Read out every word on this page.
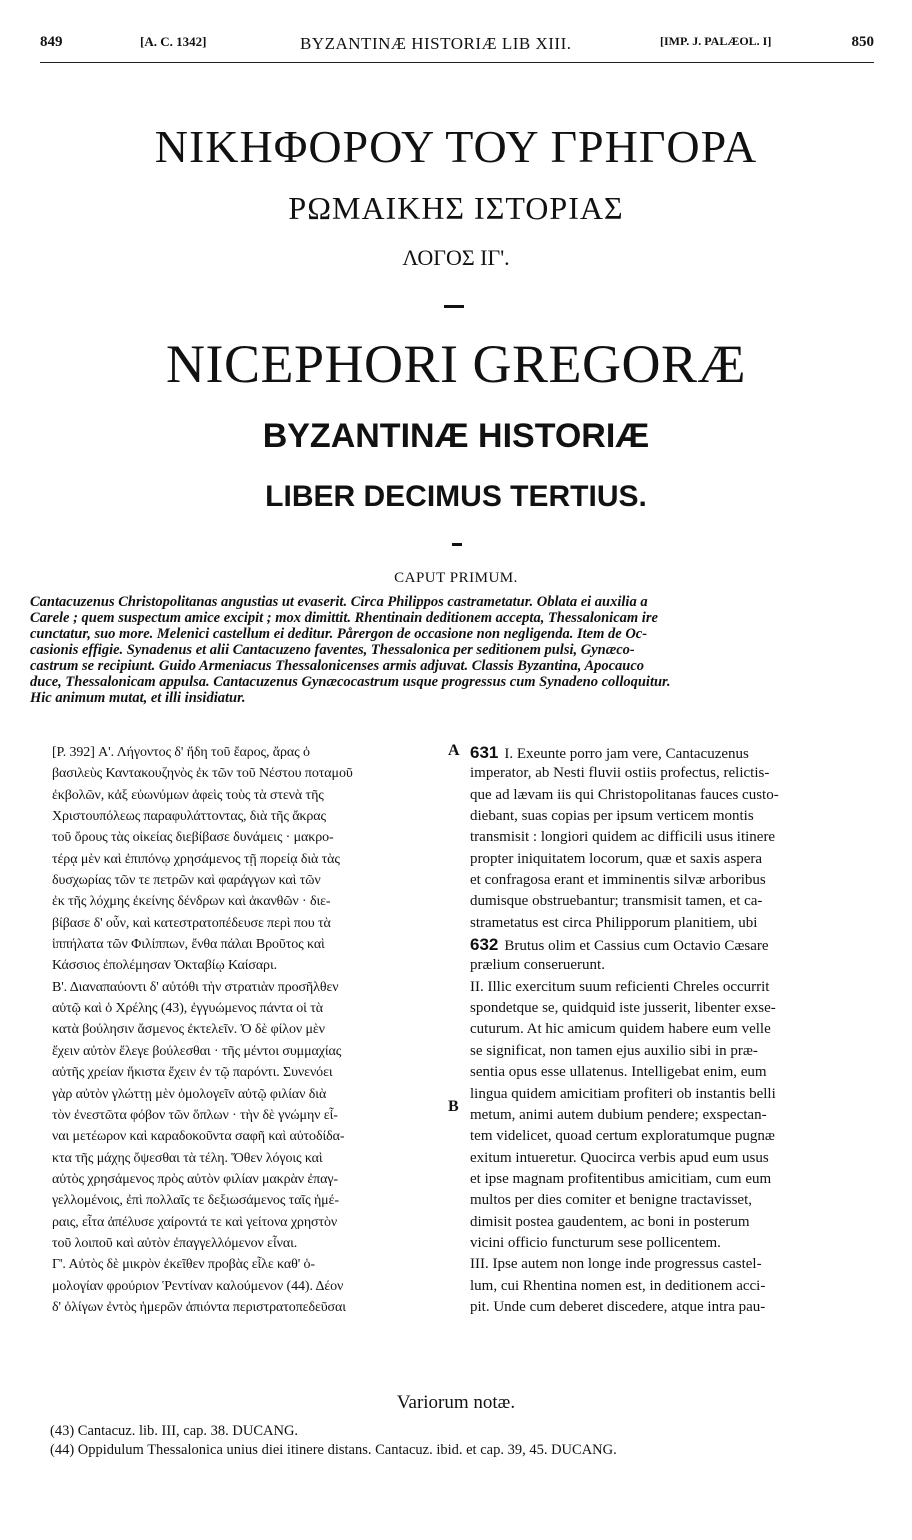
849	[A. C. 1342]	BYZANTINÆ HISTORIÆ LIB XIII.	[IMP. J. PALÆOL. I]	850
ΝΙΚΗΦΟΡΟΥ ΤΟΥ ΓΡΗΓΟΡΑ
ΡΩΜΑΙΚΗΣ ΙΣΤΟΡΙΑΣ
ΛΟΓΟΣ ΙΓ'.
NICEPHORI GREGORÆ
BYZANTINÆ HISTORIÆ
LIBER DECIMUS TERTIUS.
CAPUT PRIMUM.
Cantacuzenus Christopolitanas angustias ut evaserit. Circa Philippos castrametatur. Oblata ei auxilia a
Carele ; quem suspectum amice excipit ; mox dimittit. Rhentinain deditionem accepta, Thessalonicam ire
cunctatur, suo more. Melenici castellum ei deditur. Pårergon de occasione non negligenda. Item de Oc-
casionis effigie. Synadenus et alii Cantacuzeno faventes, Thessalonica per seditionem pulsi, Gynæco-
castrum se recipiunt. Guido Armeniacus Thessalonicenses armis adjuvat. Classis Byzantina, Apocauco
duce, Thessalonicam appulsa. Cantacuzenus Gynæcocastrum usque progressus cum Synadeno colloquitur.
Hic animum mutat, et illi insidiatur.
[P. 392] Α'. Λήγοντος δ' ἤδη τοῦ ἔαρος, ἄρας ὁ
βασιλεὺς Καντακουζηνὸς ἐκ τῶν τοῦ Νέστου ποταμοῦ
ἐκβολῶν, κἀξ εὐωνύμων ἀφεὶς τοὺς τὰ στενὰ τῆς
Χριστουπόλεως παραφυλάττοντας, διὰ τῆς ἄκρας
τοῦ ὄρους τὰς οἰκείας διεβίβασε δυνάμεις · μακρο-
τέρᾳ μὲν καὶ ἐπιπόνῳ χρησάμενος τῇ πορείᾳ διὰ τὰς
δυσχωρίας τῶν τε πετρῶν καὶ φαράγγων καὶ τῶν
ἐκ τῆς λόχμης ἐκείνης δένδρων καὶ ἀκανθῶν · διε-
βίβασε δ' οὖν, καὶ κατεστρατοπέδευσε περὶ που τὰ
ἱππήλατα τῶν Φιλίππων, ἔνθα πάλαι Βροῦτος καὶ
Κάσσιος ἐπολέμησαν Ὀκταβίῳ Καίσαρι.
Β'. Διαναπαύοντι δ' αὐτόθι τὴν στρατιὰν προσῆλθεν
αὐτῷ καὶ ὁ Χρέλης (43), ἐγγυώμενος πάντα οἱ τὰ
κατὰ βούλησιν ἄσμενος ἐκτελεῖν. Ὁ δὲ φίλον μὲν
ἔχειν αὐτὸν ἔλεγε βούλεσθαι · τῆς μέντοι συμμαχίας
αὐτῆς χρείαν ἥκιστα ἔχειν ἐν τῷ παρόντι. Συνενόει
γὰρ αὐτὸν γλώττῃ μὲν ὁμολογεῖν αὐτῷ φιλίαν διὰ
τὸν ἐνεστῶτα φόβον τῶν ὅπλων · τὴν δὲ γνώμην εἶ-
ναι μετέωρον καὶ καραδοκοῦντα σαφῆ καὶ αὐτοδίδα-
κτα τῆς μάχης ὄψεσθαι τὰ τέλη. Ὅθεν λόγοις καὶ
αὐτὸς χρησάμενος πρὸς αὐτὸν φιλίαν μακρὰν ἐπαγ-
γελλομένοις, ἐπὶ πολλαῖς τε δεξιωσάμενος ταῖς ἡμέ-
ραις, εἶτα ἀπέλυσε χαίροντά τε καὶ γείτονα χρηστὸν
τοῦ λοιποῦ καὶ αὐτὸν ἐπαγγελλόμενον εἶναι.
Γ'. Αὐτὸς δὲ μικρὸν ἐκεῖθεν προβὰς εἷλε καθ' ὁ-
μολογίαν φρούριον Ῥεντίναν καλούμενον (44). Δέον
δ' ὀλίγων ἐντὸς ἡμερῶν ἀπιόντα περιστρατοπεδεῦσαι
631 I. Exeunte porro jam vere, Cantacuzenus
imperator, ab Nesti fluvii ostiis profectus, relictis-
que ad lævam iis qui Christopolitanas fauces custo-
diebant, suas copias per ipsum verticem montis
transmisit : longiori quidem ac difficili usus itinere
propter iniquitatem locorum, quæ et saxis aspera
et confragosa erant et imminentis silvæ arboribus
dumisque obstruebantur; transmisit tamen, et ca-
strametatus est circa Philipporum planitiem, ubi
632 Brutus olim et Cassius cum Octavio Cæsare
prælium conseruerunt.
II. Illic exercitum suum reficienti Chreles occurrit
spondetque se, quidquid iste jusserit, libenter exse-
cuturum. At hic amicum quidem habere eum velle
se significat, non tamen ejus auxilio sibi in præ-
sentia opus esse ullatenus. Intelligebat enim, eum
lingua quidem amicitiam profiteri ob instantis belli
metum, animi autem dubium pendere; exspectan-
tem videlicet, quoad certum exploratumque pugnæ
exitum intueretur. Quocirca verbis apud eum usus
et ipse magnam profitentibus amicitiam, cum eum
multos per dies comiter et benigne tractavisset,
dimisit postea gaudentem, ac boni in posterum
vicini officio functurum sese pollicentem.
III. Ipse autem non longe inde progressus castel-
lum, cui Rhentina nomen est, in deditionem acci-
pit. Unde cum deberet discedere, atque intra pau-
A
B
Variorum notæ.
(43) Cantacuz. lib. III, cap. 38. DUCANG.
(44) Oppidulum Thessalonica unius diei itinere distans. Cantacuz. ibid. et cap. 39, 45. DUCANG.
